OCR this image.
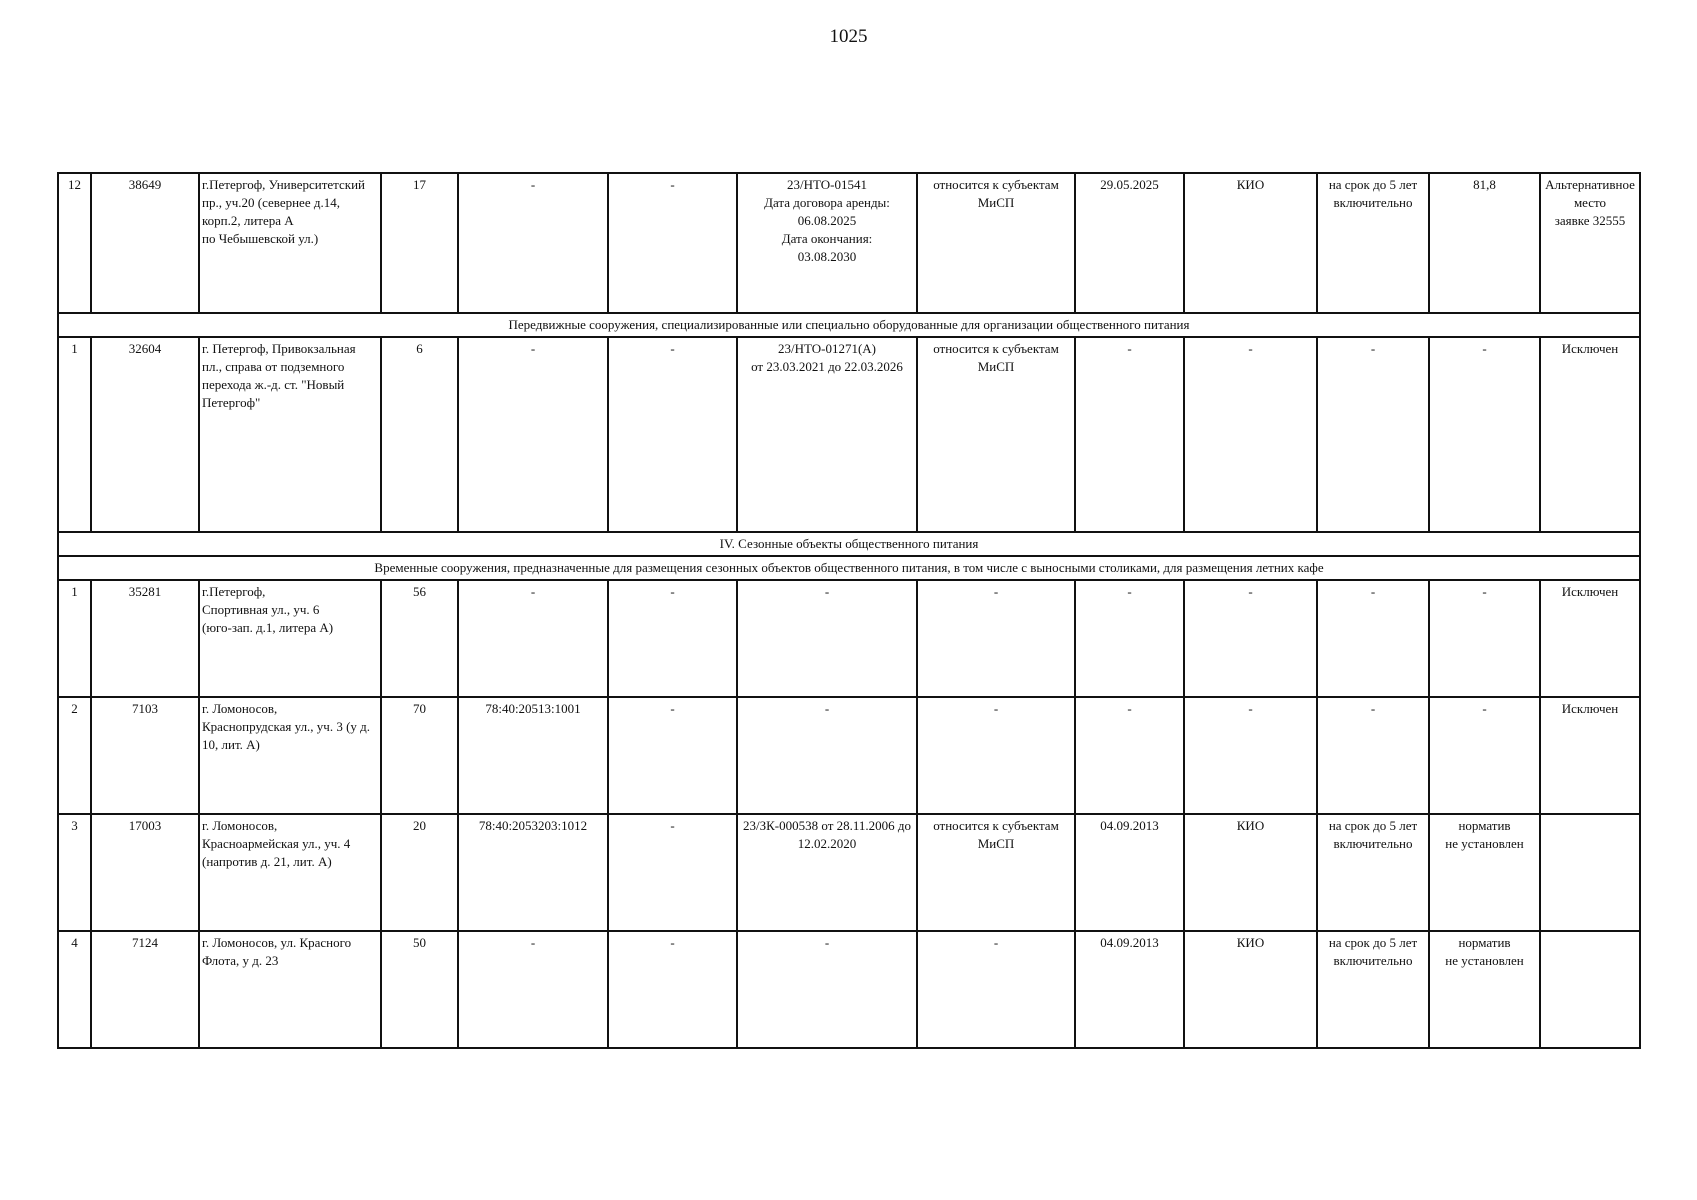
1025
12	38649	г.Петергоф, Университетский пр., уч.20 (севернее д.14, корп.2, литера А
по Чебышевской ул.)	17	-	-	23/НТО-01541
Дата договора аренды:
06.08.2025
Дата окончания:
03.08.2030	относится к субъектам МиСП	29.05.2025	КИО	на срок до 5 лет включительно	81,8	Альтернативное место
заявке 32555
Передвижные сооружения, специализированные или специально оборудованные для организации общественного питания												
1	32604	г. Петергоф, Привокзальная пл., справа от подземного перехода ж.-д. ст. "Новый Петергоф"	6	-	-	23/НТО-01271(А)
от 23.03.2021 до 22.03.2026	относится к субъектам МиСП	-	-	-	-	Исключен
IV. Сезонные объекты общественного питания												
Временные сооружения, предназначенные для размещения сезонных объектов общественного питания, в том числе с выносными столиками, для размещения летних кафе												
1	35281	г.Петергоф,
Спортивная ул., уч. 6
(юго-зап. д.1, литера А)	56	-	-	-	-	-	-	-	-	Исключен
2	7103	г. Ломоносов,
Краснопрудская ул., уч. 3 (у д. 10, лит. А)	70	78:40:20513:1001	-	-	-	-	-	-	-	Исключен
3	17003	г. Ломоносов,
Красноармейская ул., уч. 4 (напротив д. 21, лит. А)	20	78:40:2053203:1012	-	23/ЗК-000538 от 28.11.2006 до 12.02.2020	относится к субъектам МиСП	04.09.2013	КИО	на срок до 5 лет включительно	норматив
не установлен	
4	7124	г. Ломоносов, ул. Красного Флота, у д. 23	50	-	-	-	-	04.09.2013	КИО	на срок до 5 лет включительно	норматив
не установлен	
